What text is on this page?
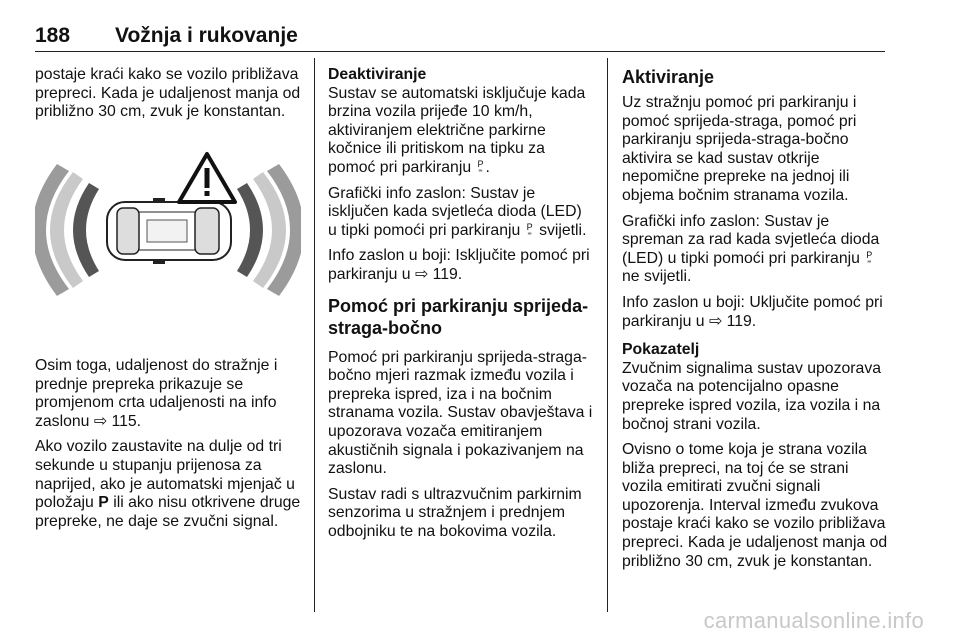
188 Vožnja i rukovanje

postaje kraći kako se vozilo približava prepreci. Kada je udaljenost manja od približno 30 cm, zvuk je konstantan.

Osim toga, udaljenost do stražnje i prednje prepreka prikazuje se promjenom crta udaljenosti na info zaslonu ⇨ 115.

Ako vozilo zaustavite na dulje od tri sekunde u stupanju prijenosa za naprijed, ako je automatski mjenjač u položaju P ili ako nisu otkrivene druge prepreke, ne daje se zvučni signal.

Deaktiviranje

Sustav se automatski isključuje kada brzina vozila prijeđe 10 km/h, aktiviranjem električne parkirne kočnice ili pritiskom na tipku za pomoć pri parkiranju P
⁼ .

Grafički info zaslon: Sustav je isključen kada svjetleća dioda (LED) u tipki pomoći pri parkiranju P
⁼ svijetli.

Info zaslon u boji: Isključite pomoć pri parkiranju u ⇨ 119.

Pomoć pri parkiranju sprijeda-straga-bočno

Pomoć pri parkiranju sprijeda-straga-bočno mjeri razmak između vozila i prepreka ispred, iza i na bočnim stranama vozila. Sustav obavještava i upozorava vozača emitiranjem akustičnih signala i pokazivanjem na zaslonu.

Sustav radi s ultrazvučnim parkirnim senzorima u stražnjem i prednjem odbojniku te na bokovima vozila.

Aktiviranje

Uz stražnju pomoć pri parkiranju i pomoć sprijeda-straga, pomoć pri parkiranju sprijeda-straga-bočno aktivira se kad sustav otkrije nepomične prepreke na jednoj ili objema bočnim stranama vozila.

Grafički info zaslon: Sustav je spreman za rad kada svjetleća dioda (LED) u tipki pomoći pri parkiranju P
⁼ ne svijetli.

Info zaslon u boji: Uključite pomoć pri parkiranju u ⇨ 119.

Pokazatelj

Zvučnim signalima sustav upozorava vozača na potencijalno opasne prepreke ispred vozila, iza vozila i na bočnoj strani vozila.

Ovisno o tome koja je strana vozila bliža prepreci, na toj će se strani vozila emitirati zvučni signali upozorenja. Interval između zvukova postaje kraći kako se vozilo približava prepreci. Kada je udaljenost manja od približno 30 cm, zvuk je konstantan.

carmanualsonline.info
